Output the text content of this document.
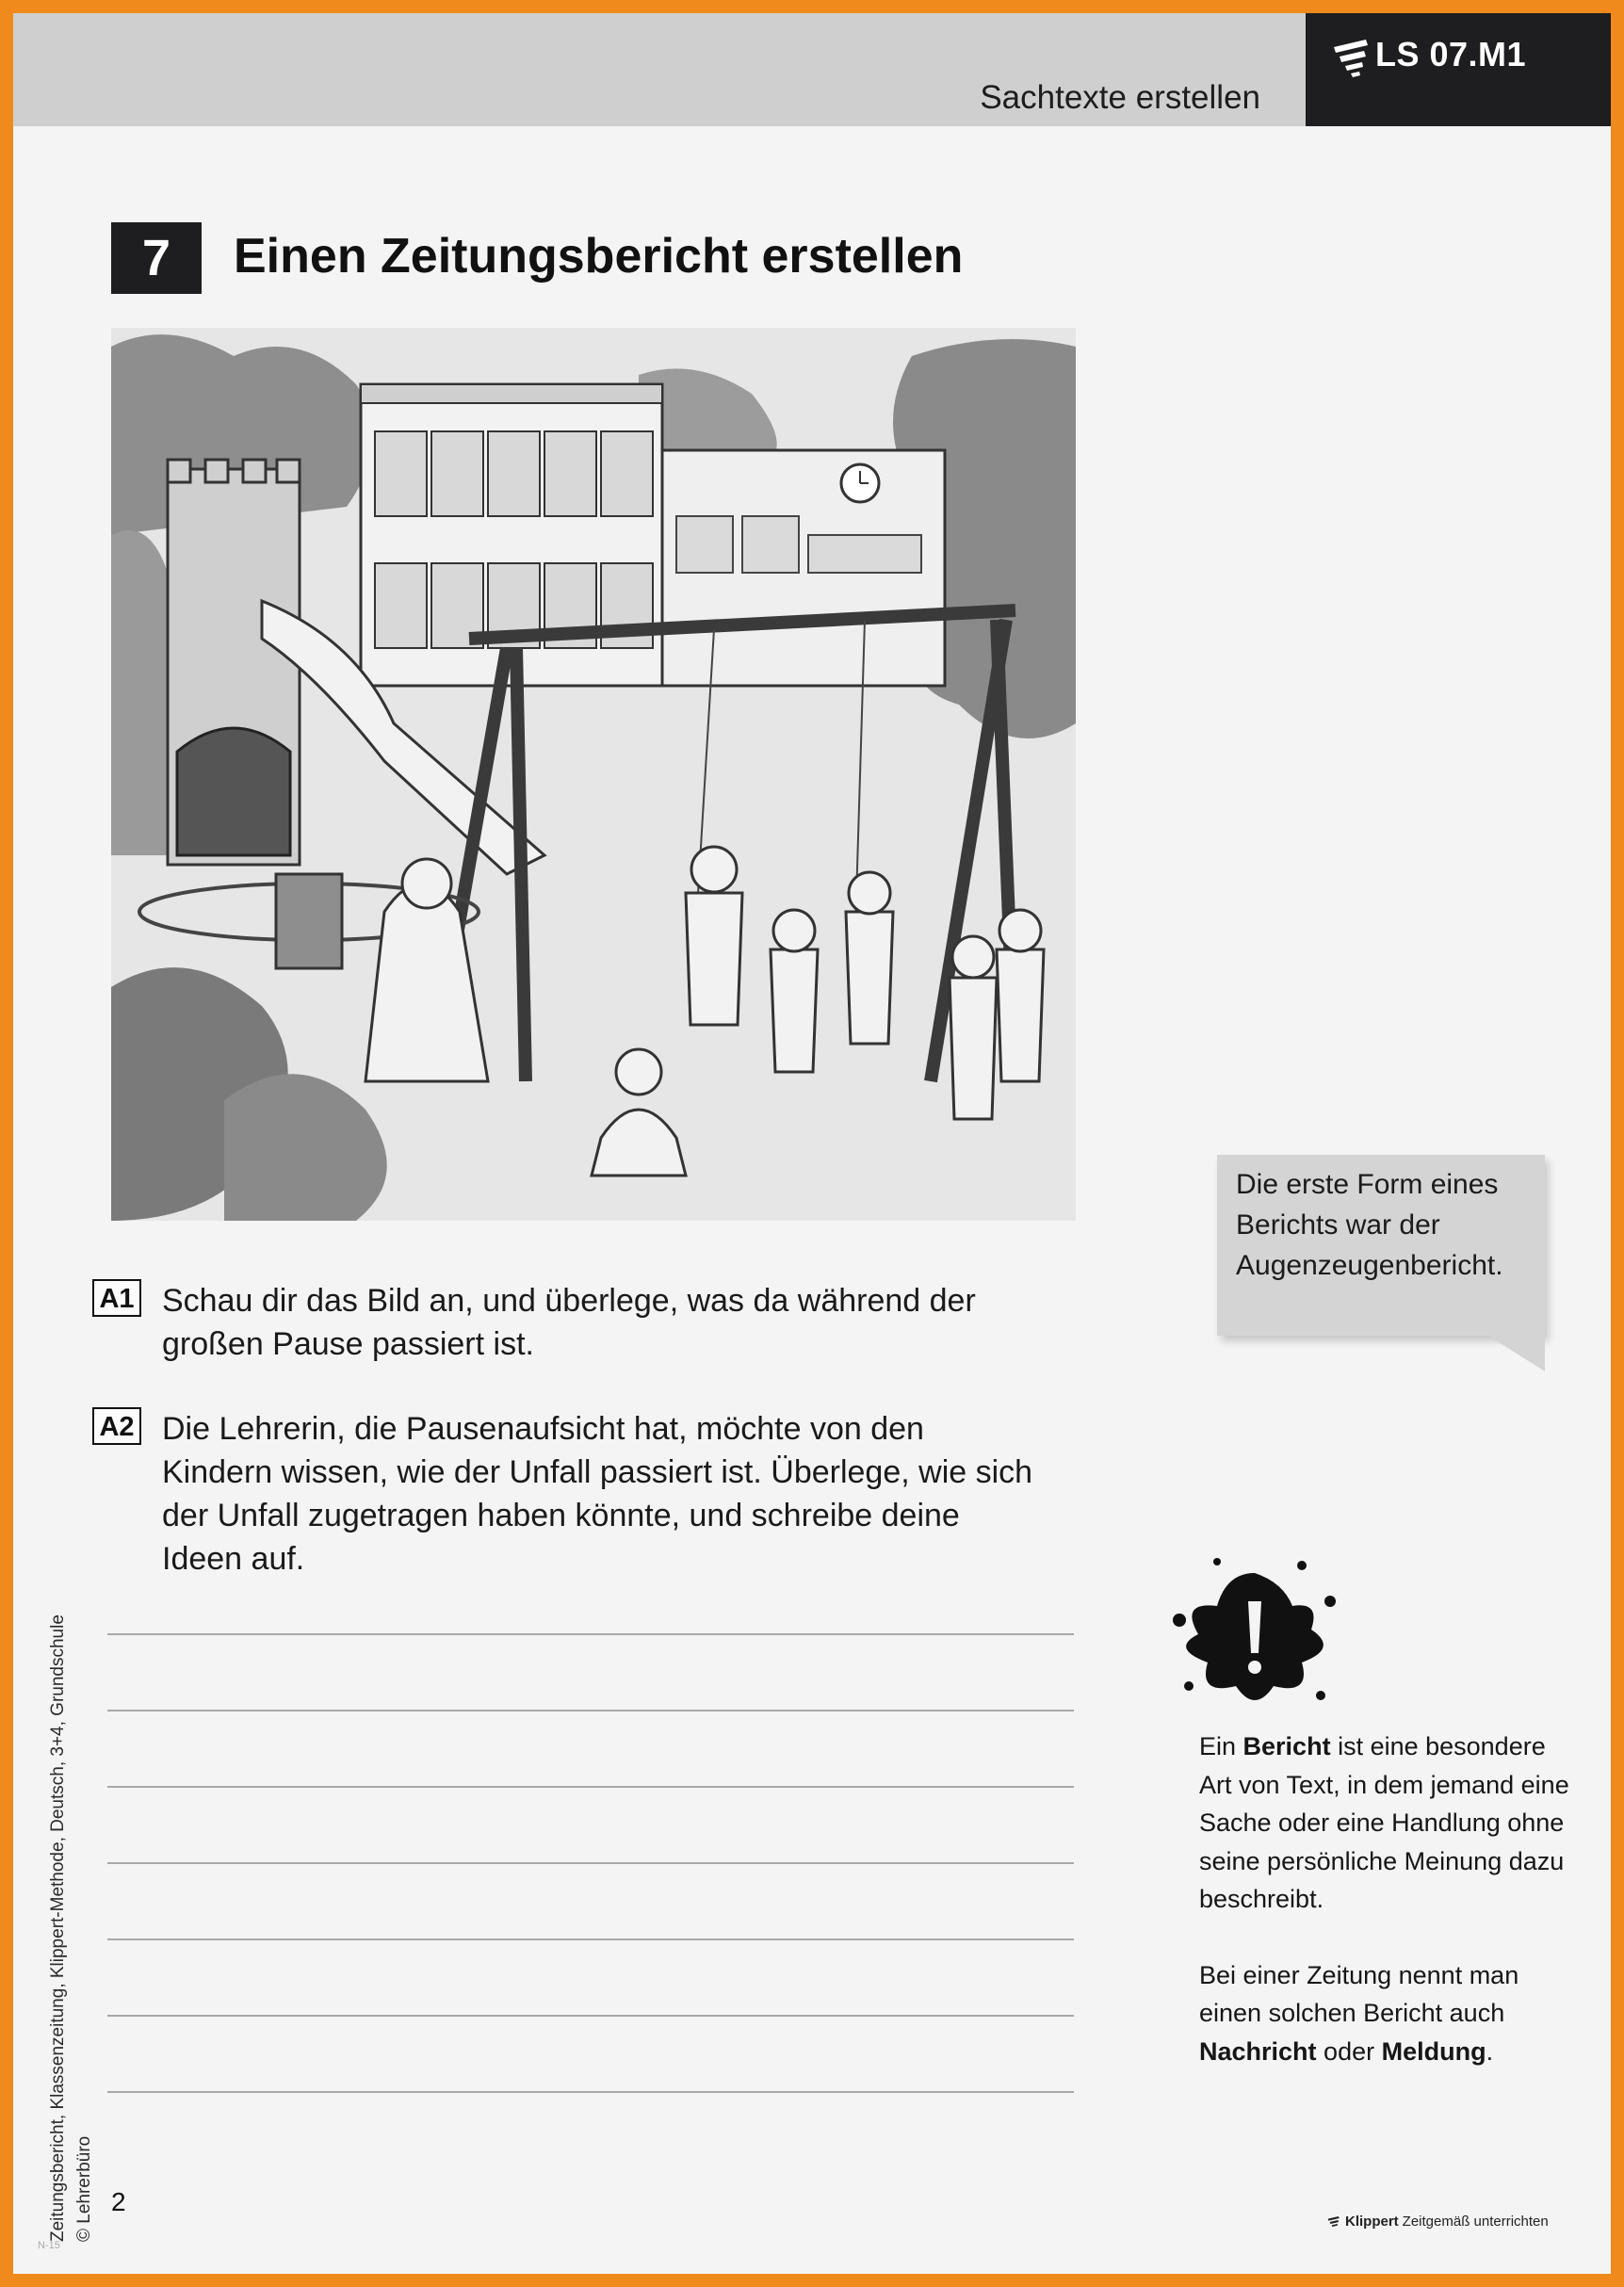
Sachtexte erstellen
LS 07.M1
7	Einen Zeitungsbericht erstellen
A1 Schau dir das Bild an, und überlege, was da während der großen Pause passiert ist.
A2 Die Lehrerin, die Pausenaufsicht hat, möchte von den Kindern wissen, wie der Unfall passiert ist. Überlege, wie sich der Unfall zugetragen haben könnte, und schreibe deine Ideen auf.
Die erste Form eines Berichts war der Augenzeugenbericht.

Ein Bericht ist eine besondere Art von Text, in dem jemand eine Sache oder eine Handlung ohne seine persönliche Meinung dazu beschreibt.

Bei einer Zeitung nennt man einen solchen Bericht auch Nachricht oder Meldung.

Zeitungsbericht, Klassenzeitung, Klippert-Methode, Deutsch, 3+4, Grundschule © Lehrerbüro 2
N-15
Klippert Zeitgemäß unterrichten
